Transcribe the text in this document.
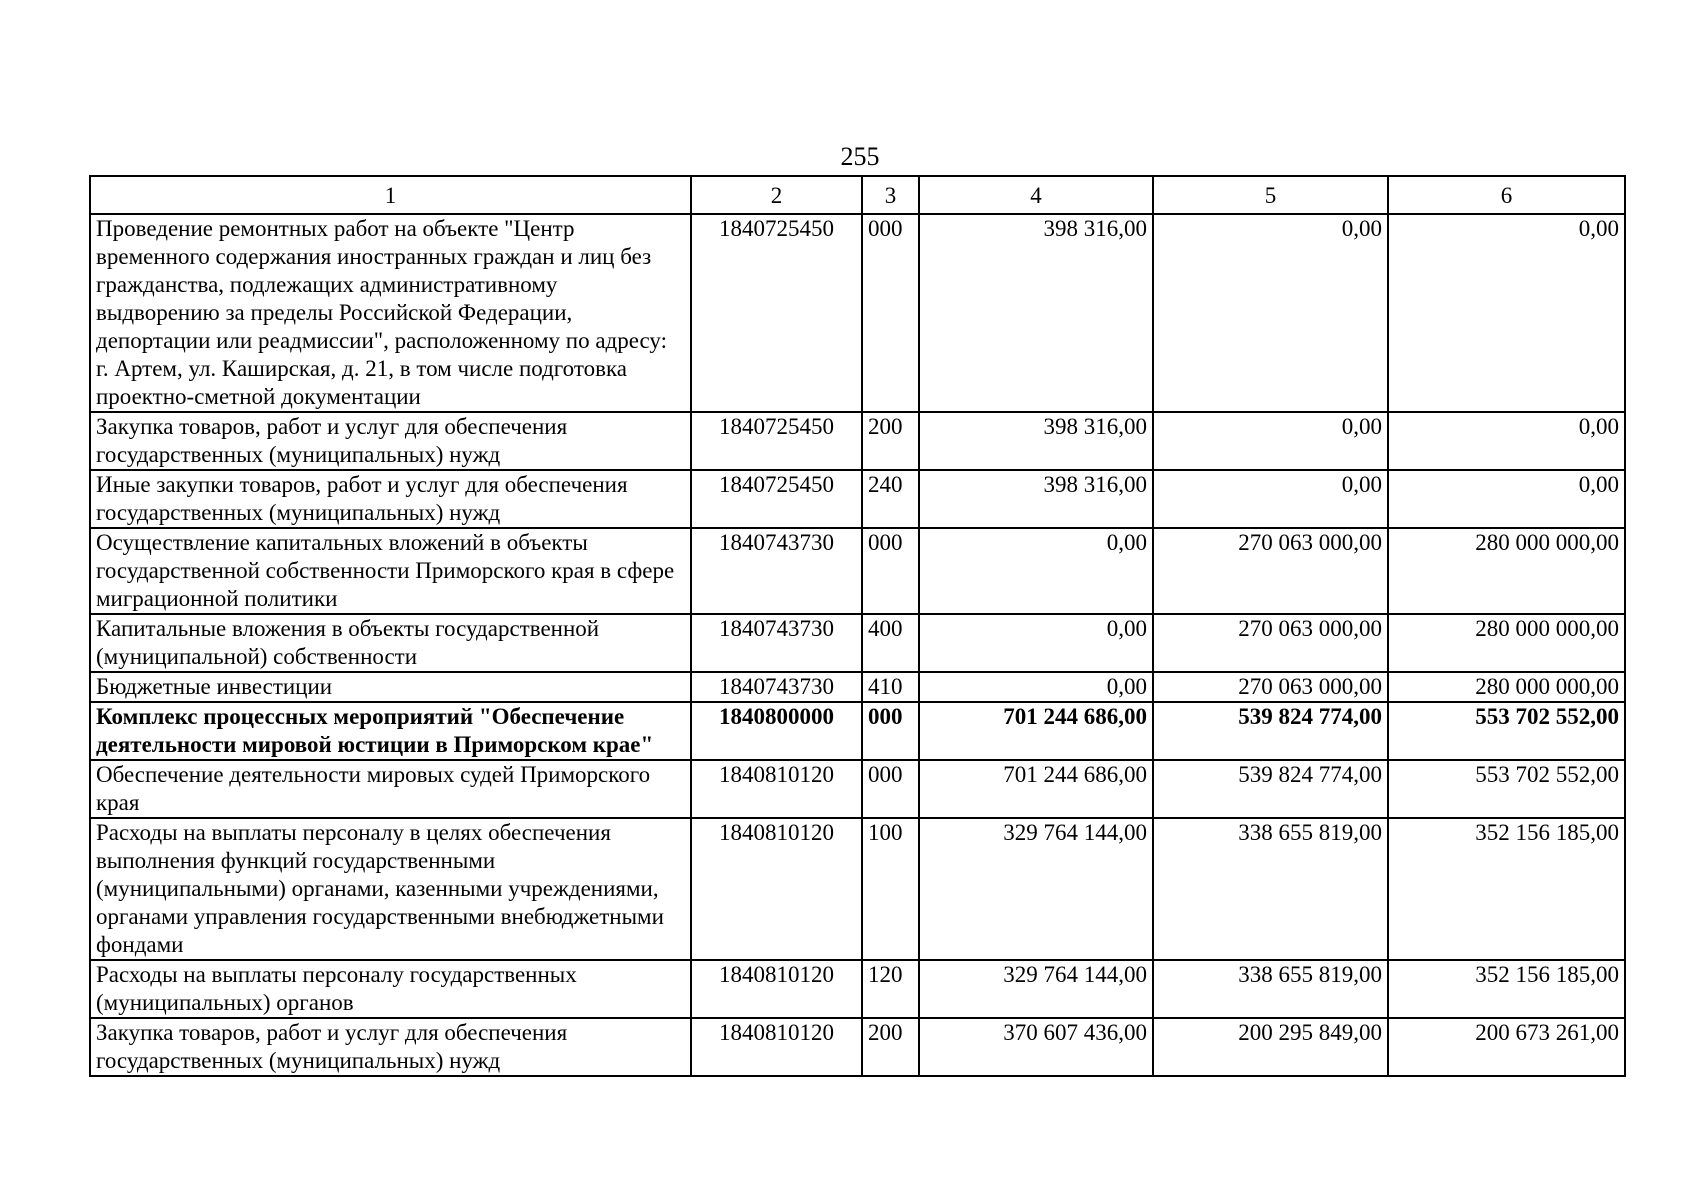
255
1	2	3	4	5	6
Проведение ремонтных работ на объекте "Центр временного содержания иностранных граждан и лиц без гражданства, подлежащих административному выдворению за пределы Российской Федерации, депортации или реадмиссии", расположенному по адресу: г. Артем, ул. Каширская, д. 21, в том числе подготовка проектно-сметной документации	1840725450	000	398 316,00	0,00	0,00
Закупка товаров, работ и услуг для обеспечения государственных (муниципальных) нужд	1840725450	200	398 316,00	0,00	0,00
Иные закупки товаров, работ и услуг для обеспечения государственных (муниципальных) нужд	1840725450	240	398 316,00	0,00	0,00
Осуществление капитальных вложений в объекты государственной собственности Приморского края в сфере миграционной политики	1840743730	000	0,00	270 063 000,00	280 000 000,00
Капитальные вложения в объекты государственной (муниципальной) собственности	1840743730	400	0,00	270 063 000,00	280 000 000,00
Бюджетные инвестиции	1840743730	410	0,00	270 063 000,00	280 000 000,00
Комплекс процессных мероприятий "Обеспечение деятельности мировой юстиции в Приморском крае"	1840800000	000	701 244 686,00	539 824 774,00	553 702 552,00
Обеспечение деятельности мировых судей Приморского края	1840810120	000	701 244 686,00	539 824 774,00	553 702 552,00
Расходы на выплаты персоналу в целях обеспечения выполнения функций государственными (муниципальными) органами, казенными учреждениями, органами управления государственными внебюджетными фондами	1840810120	100	329 764 144,00	338 655 819,00	352 156 185,00
Расходы на выплаты персоналу государственных (муниципальных) органов	1840810120	120	329 764 144,00	338 655 819,00	352 156 185,00
Закупка товаров, работ и услуг для обеспечения государственных (муниципальных) нужд	1840810120	200	370 607 436,00	200 295 849,00	200 673 261,00
